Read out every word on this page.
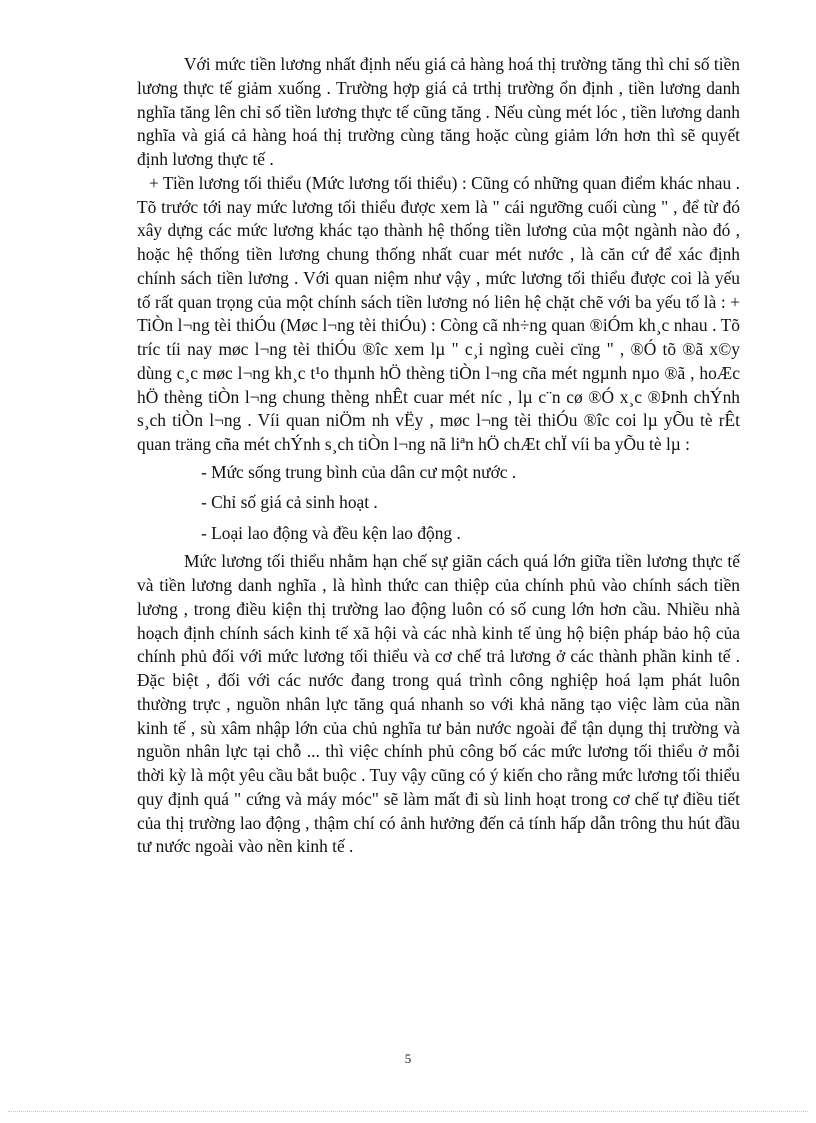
Với mức tiền lương nhất định nếu giá cả hàng hoá thị trường tăng thì chỉ số tiền lương thực tế giảm xuống . Trường hợp giá cả trthị trường ổn định , tiền lương danh nghĩa tăng lên chỉ số tiền lương thực tế cũng tăng . Nếu cùng mét lóc , tiền lương danh nghĩa và giá cả hàng hoá thị trường cùng tăng hoặc cùng giảm lớn hơn thì sẽ quyết định lương thực tế .

+ Tiền lương tối thiểu (Mức lương tối thiểu) : Cũng có những quan điểm khác nhau . Tõ trước tới nay mức lương tối thiểu được xem là " cái ngưỡng cuối cùng " , để từ đó xây dựng các mức lương khác tạo thành hệ thống tiền lương của một ngành nào đó , hoặc hệ thống tiền lương chung thống nhất cuar mét nước , là căn cứ để xác định chính sách tiền lương . Với quan niệm như vậy , mức lương tối thiểu được coi là yếu tố rất quan trọng của một chính sách tiền lương nó liên hệ chặt chẽ với ba yếu tố là : + TiÒn l¬ng tèi thiÓu (Møc l¬ng tèi thiÓu) : Còng cã nh÷ng quan ®iÓm kh¸c nhau . Tõ tríc tíi nay møc l¬ng tèi thiÓu ®îc xem lµ " c¸i ngìng cuèi cïng " , ®Ó tõ ®ã x©y dùng c¸c møc l¬ng kh¸c t¹o thµnh hÖ thèng tiÒn l¬ng cña mét ngµnh nµo ®ã , hoÆc hÖ thèng tiÒn l¬ng chung thèng nhÊt cuar mét níc , lµ c¨n cø ®Ó x¸c ®Þnh chÝnh s¸ch tiÒn l¬ng . Víi quan niÖm nh vËy , møc l¬ng tèi thiÓu ®îc coi lµ yÕu tè rÊt quan träng cña mét chÝnh s¸ch tiÒn l¬ng nã liªn hÖ chÆt chÏ víi ba yÕu tè lµ :

- Mức sống trung bình của dân cư một nước .
- Chỉ số giá cả sinh hoạt .
- Loại lao động và đều kện lao động .

Mức lương tối thiểu nhằm hạn chế sự giãn cách quá lớn giữa tiền lương thực tế và tiền lương danh nghĩa , là hình thức can thiệp của chính phủ vào chính sách tiền lương , trong điều kiện thị trường lao động luôn có số cung lớn hơn cầu. Nhiều nhà hoạch định chính sách kinh tế xã hội và các nhà kinh tế ủng hộ biện pháp bảo hộ của chính phủ đối với mức lương tối thiểu và cơ chế trả lương ở các thành phần kinh tế . Đặc biệt , đối với các nước đang trong quá trình công nghiệp hoá lạm phát luôn thường trực , nguồn nhân lực tăng quá nhanh so với khả năng tạo việc làm của nần kinh tế , sù xâm nhập lớn của chủ nghĩa tư bản nước ngoài để tận dụng thị trường và nguồn nhân lực tại chỗ ... thì việc chính phủ công bố các mức lương tối thiểu ở mỗi thời kỳ là một yêu cầu bắt buộc . Tuy vậy cũng có ý kiến cho rằng mức lương tối thiểu quy định quá " cứng và máy móc" sẽ làm mất đi sù linh hoạt trong cơ chế tự điều tiết của thị trường lao động , thậm chí có ảnh hưởng đến cả tính hấp dẫn trông thu hút đầu tư nước ngoài vào nền kinh tế .

5
